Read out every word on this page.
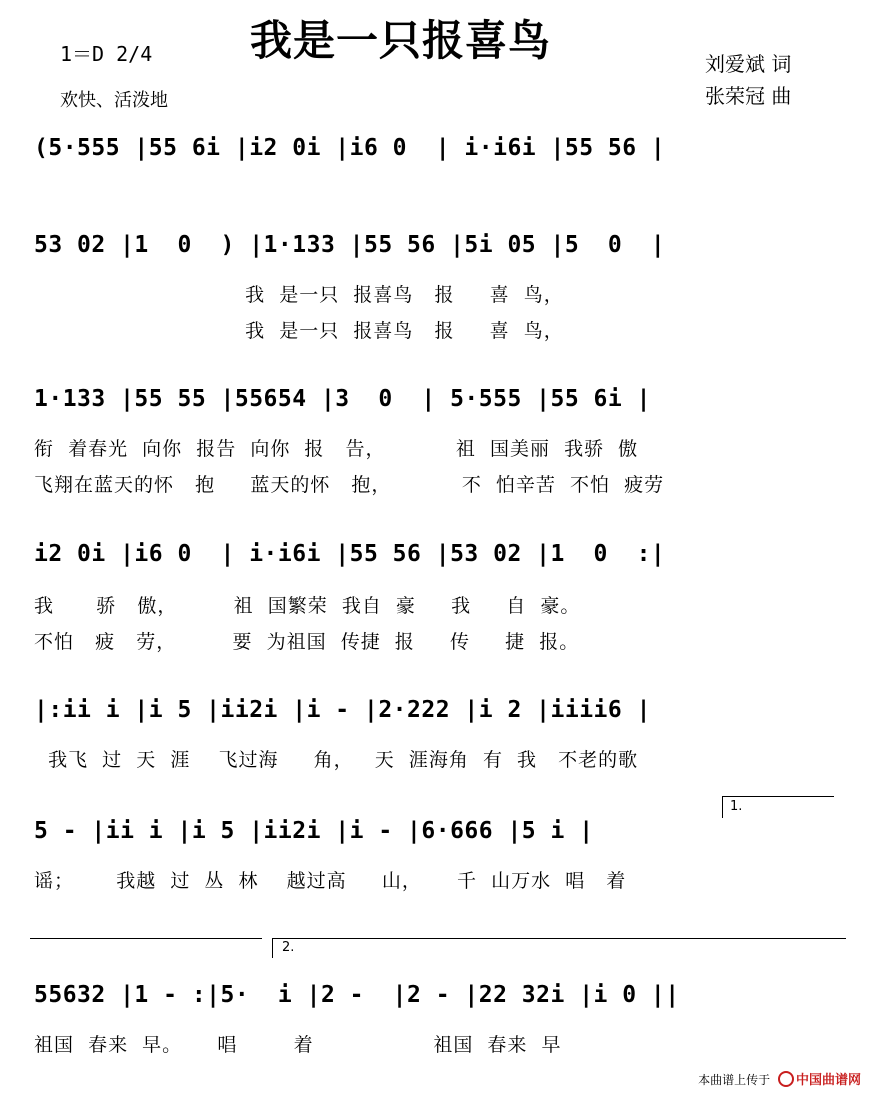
我是一只报喜鸟
1＝D 2/4
欢快、活泼地
刘爱斌 词
张荣冠 曲
(5·555 |55 6i |i2 0i |i6 0  | i·i6i |55 56 |
53 02 |1  0  ) |1·133 |55 56 |5i 05 |5  0  |
我  是一只  报喜鸟   报     喜  鸟，
我  是一只  报喜鸟   报     喜  鸟，
1·133 |55 55 |55654 |3  0  | 5·555 |55 6i |
衔  着春光  向你  报告  向你  报   告，          祖  国美丽  我骄  傲
飞翔在蓝天的怀   抱     蓝天的怀   抱，          不  怕辛苦  不怕  疲劳
i2 0i |i6 0  | i·i6i |55 56 |53 02 |1  0  :|
我      骄   傲，        祖  国繁荣  我自  豪     我     自  豪。
不怕   疲   劳，        要  为祖国  传捷  报     传     捷  报。
|:ii i |i 5 |ii2i |i - |2·222 |i 2 |iiii6 |
我飞  过  天  涯    飞过海     角，   天  涯海角  有  我   不老的歌
1.
5 - |ii i |i 5 |ii2i |i - |6·666 |5 i |
谣；      我越  过  丛  林    越过高     山，     千  山万水  唱   着
2.
55632 |1 - :|5·  i |2 -  |2 - |22 32i |i 0 ||
祖国  春来  早。     唱        着                 祖国  春来  早
本曲谱上传于 中国曲谱网
